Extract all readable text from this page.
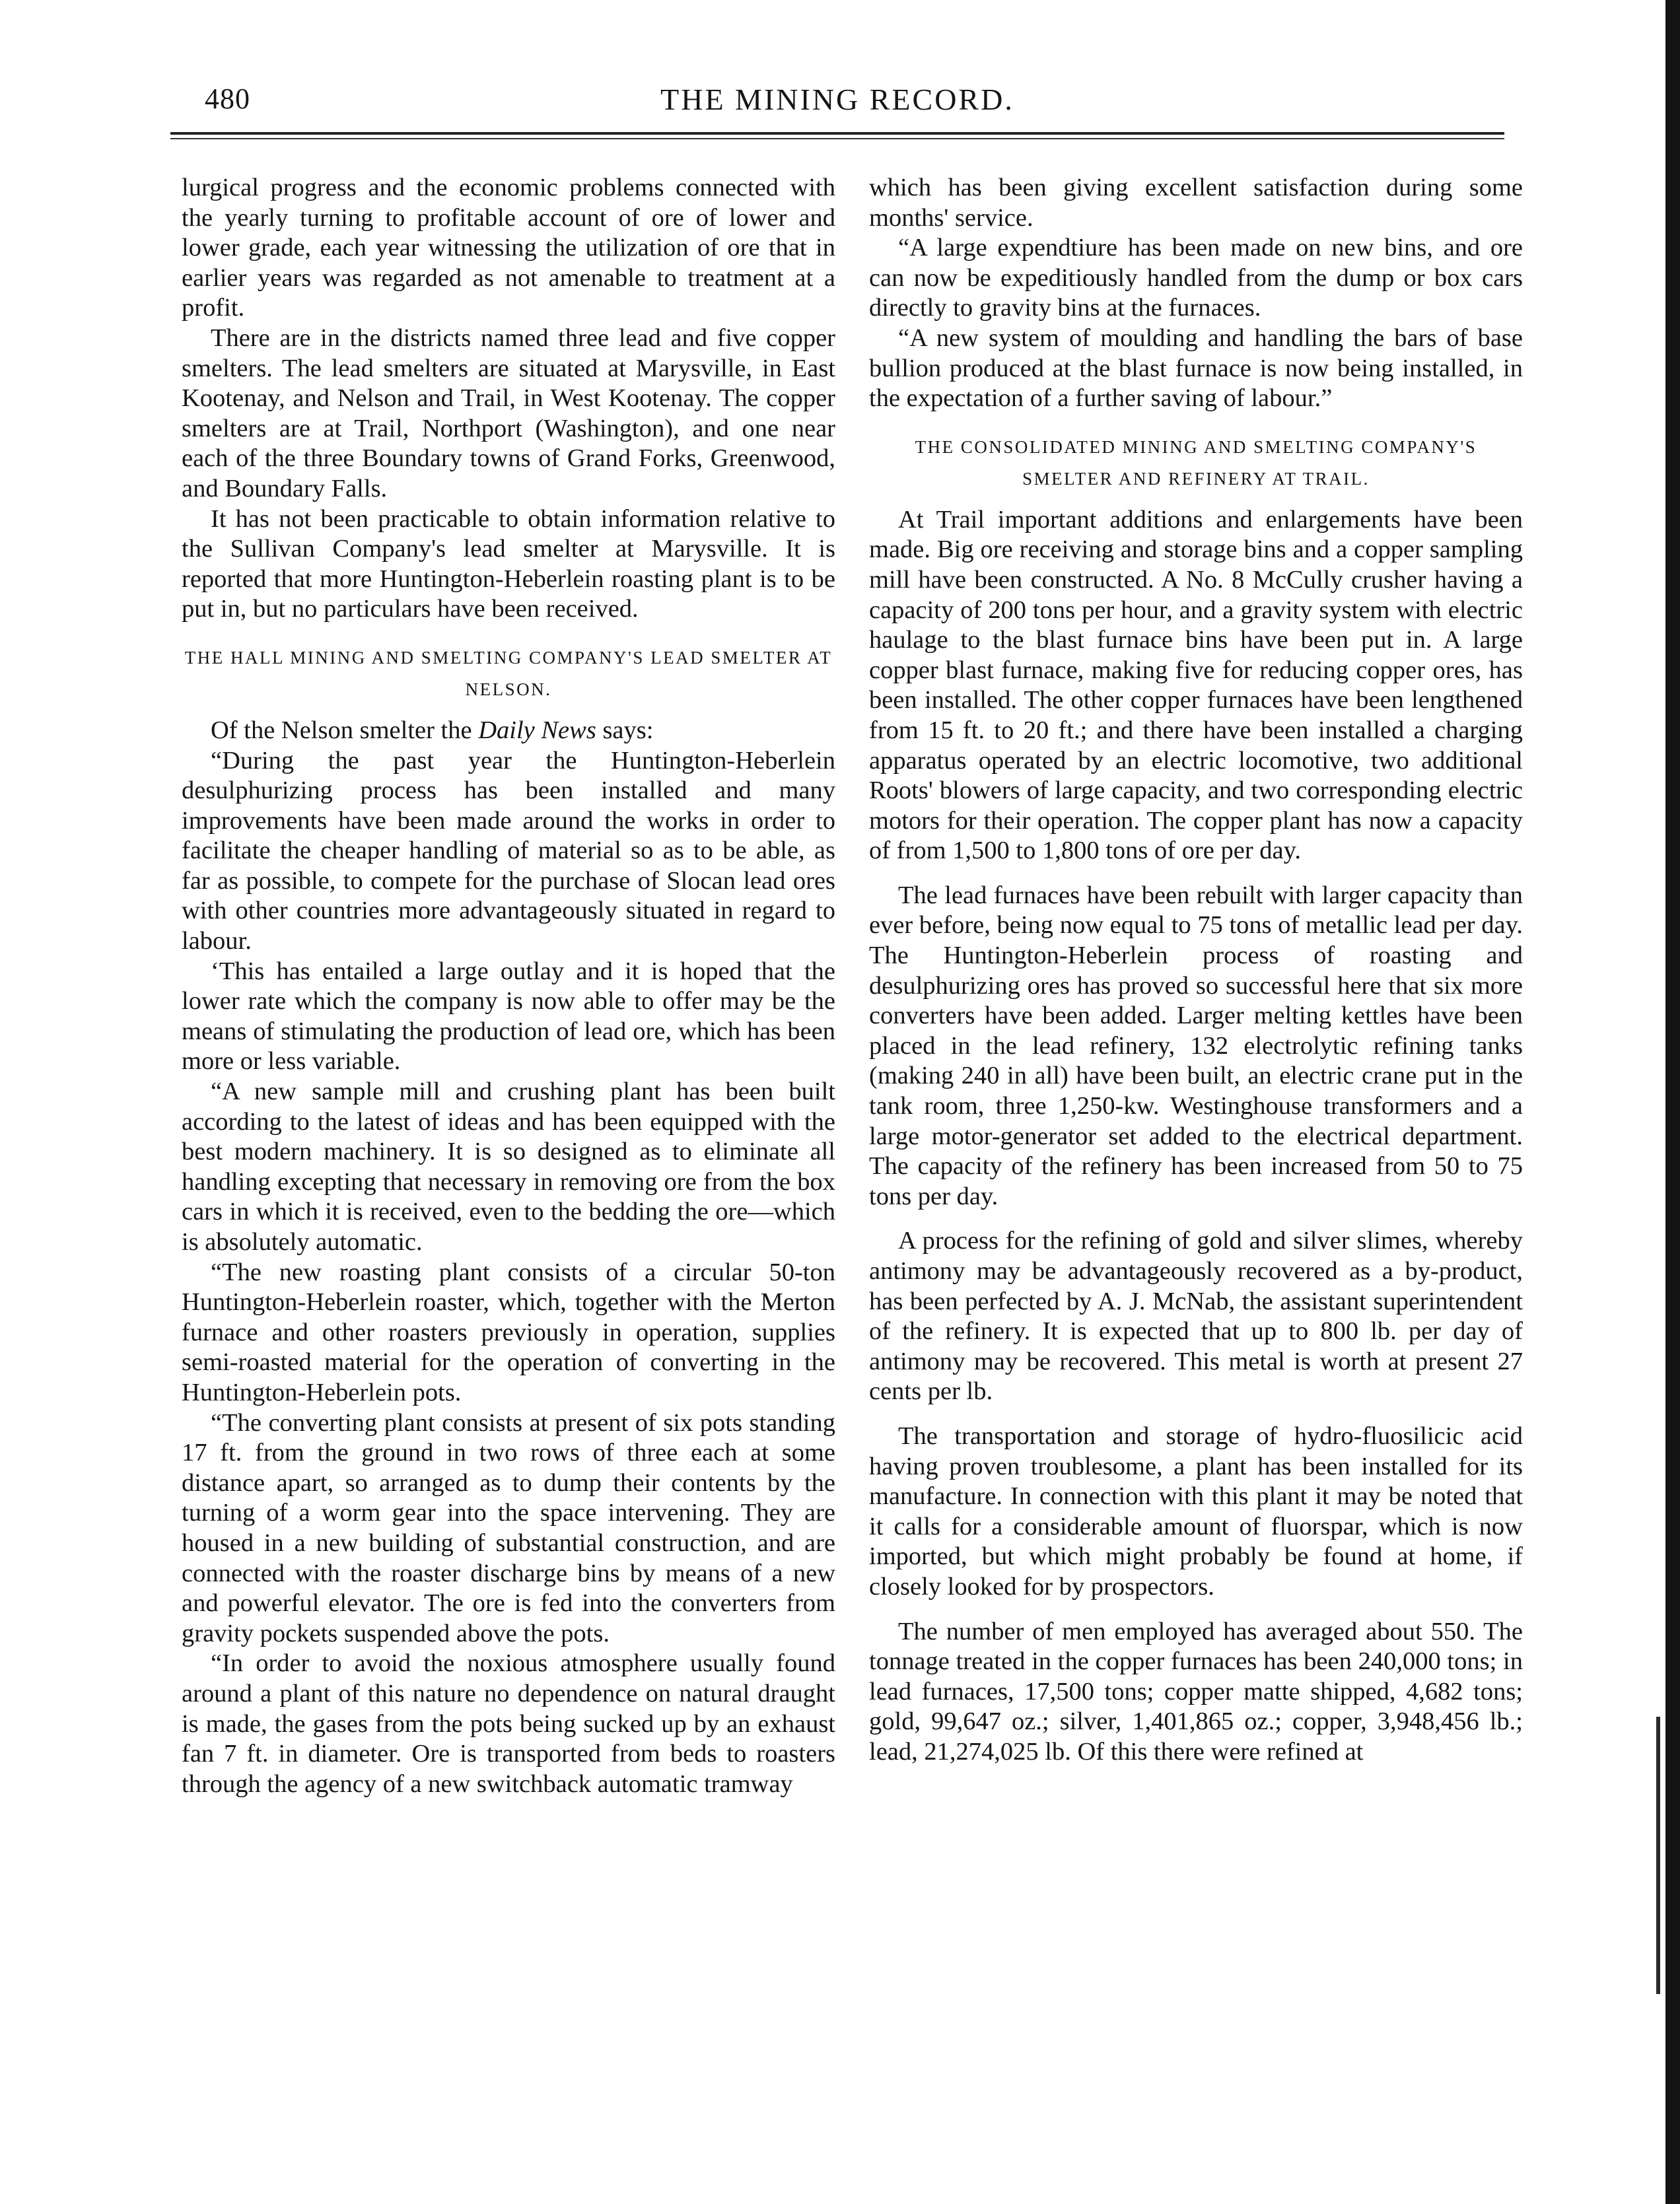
480	THE MINING RECORD.

lurgical progress and the economic problems connected with the yearly turning to profitable account of ore of lower and lower grade, each year witnessing the utilization of ore that in earlier years was regarded as not amenable to treatment at a profit.

There are in the districts named three lead and five copper smelters. The lead smelters are situated at Marysville, in East Kootenay, and Nelson and Trail, in West Kootenay. The copper smelters are at Trail, Northport (Washington), and one near each of the three Boundary towns of Grand Forks, Greenwood, and Boundary Falls.

It has not been practicable to obtain information relative to the Sullivan Company's lead smelter at Marysville. It is reported that more Huntington-Heberlein roasting plant is to be put in, but no particulars have been received.

THE HALL MINING AND SMELTING COMPANY'S LEAD SMELTER AT NELSON.

Of the Nelson smelter the Daily News says:

“During the past year the Huntington-Heberlein desulphurizing process has been installed and many improvements have been made around the works in order to facilitate the cheaper handling of material so as to be able, as far as possible, to compete for the purchase of Slocan lead ores with other countries more advantageously situated in regard to labour.

‘This has entailed a large outlay and it is hoped that the lower rate which the company is now able to offer may be the means of stimulating the production of lead ore, which has been more or less variable.

“A new sample mill and crushing plant has been built according to the latest of ideas and has been equipped with the best modern machinery. It is so designed as to eliminate all handling excepting that necessary in removing ore from the box cars in which it is received, even to the bedding the ore—which is absolutely automatic.

“The new roasting plant consists of a circular 50-ton Huntington-Heberlein roaster, which, together with the Merton furnace and other roasters previously in operation, supplies semi-roasted material for the operation of converting in the Huntington-Heberlein pots.

“The converting plant consists at present of six pots standing 17 ft. from the ground in two rows of three each at some distance apart, so arranged as to dump their contents by the turning of a worm gear into the space intervening. They are housed in a new building of substantial construction, and are connected with the roaster discharge bins by means of a new and powerful elevator. The ore is fed into the converters from gravity pockets suspended above the pots.

“In order to avoid the noxious atmosphere usually found around a plant of this nature no dependence on natural draught is made, the gases from the pots being sucked up by an exhaust fan 7 ft. in diameter. Ore is transported from beds to roasters through the agency of a new switchback automatic tramway

which has been giving excellent satisfaction during some months' service.

“A large expendtiure has been made on new bins, and ore can now be expeditiously handled from the dump or box cars directly to gravity bins at the furnaces.

“A new system of moulding and handling the bars of base bullion produced at the blast furnace is now being installed, in the expectation of a further saving of labour.”

THE CONSOLIDATED MINING AND SMELTING COMPANY'S SMELTER AND REFINERY AT TRAIL.

At Trail important additions and enlargements have been made. Big ore receiving and storage bins and a copper sampling mill have been constructed. A No. 8 McCully crusher having a capacity of 200 tons per hour, and a gravity system with electric haulage to the blast furnace bins have been put in. A large copper blast furnace, making five for reducing copper ores, has been installed. The other copper furnaces have been lengthened from 15 ft. to 20 ft.; and there have been installed a charging apparatus operated by an electric locomotive, two additional Roots' blowers of large capacity, and two corresponding electric motors for their operation. The copper plant has now a capacity of from 1,500 to 1,800 tons of ore per day.

The lead furnaces have been rebuilt with larger capacity than ever before, being now equal to 75 tons of metallic lead per day. The Huntington-Heberlein process of roasting and desulphurizing ores has proved so successful here that six more converters have been added. Larger melting kettles have been placed in the lead refinery, 132 electrolytic refining tanks (making 240 in all) have been built, an electric crane put in the tank room, three 1,250-kw. Westinghouse transformers and a large motor-generator set added to the electrical department. The capacity of the refinery has been increased from 50 to 75 tons per day.

A process for the refining of gold and silver slimes, whereby antimony may be advantageously recovered as a by-product, has been perfected by A. J. McNab, the assistant superintendent of the refinery. It is expected that up to 800 lb. per day of antimony may be recovered. This metal is worth at present 27 cents per lb.

The transportation and storage of hydro-fluosilicic acid having proven troublesome, a plant has been installed for its manufacture. In connection with this plant it may be noted that it calls for a considerable amount of fluorspar, which is now imported, but which might probably be found at home, if closely looked for by prospectors.

The number of men employed has averaged about 550. The tonnage treated in the copper furnaces has been 240,000 tons; in lead furnaces, 17,500 tons; copper matte shipped, 4,682 tons; gold, 99,647 oz.; silver, 1,401,865 oz.; copper, 3,948,456 lb.; lead, 21,274,025 lb. Of this there were refined at
